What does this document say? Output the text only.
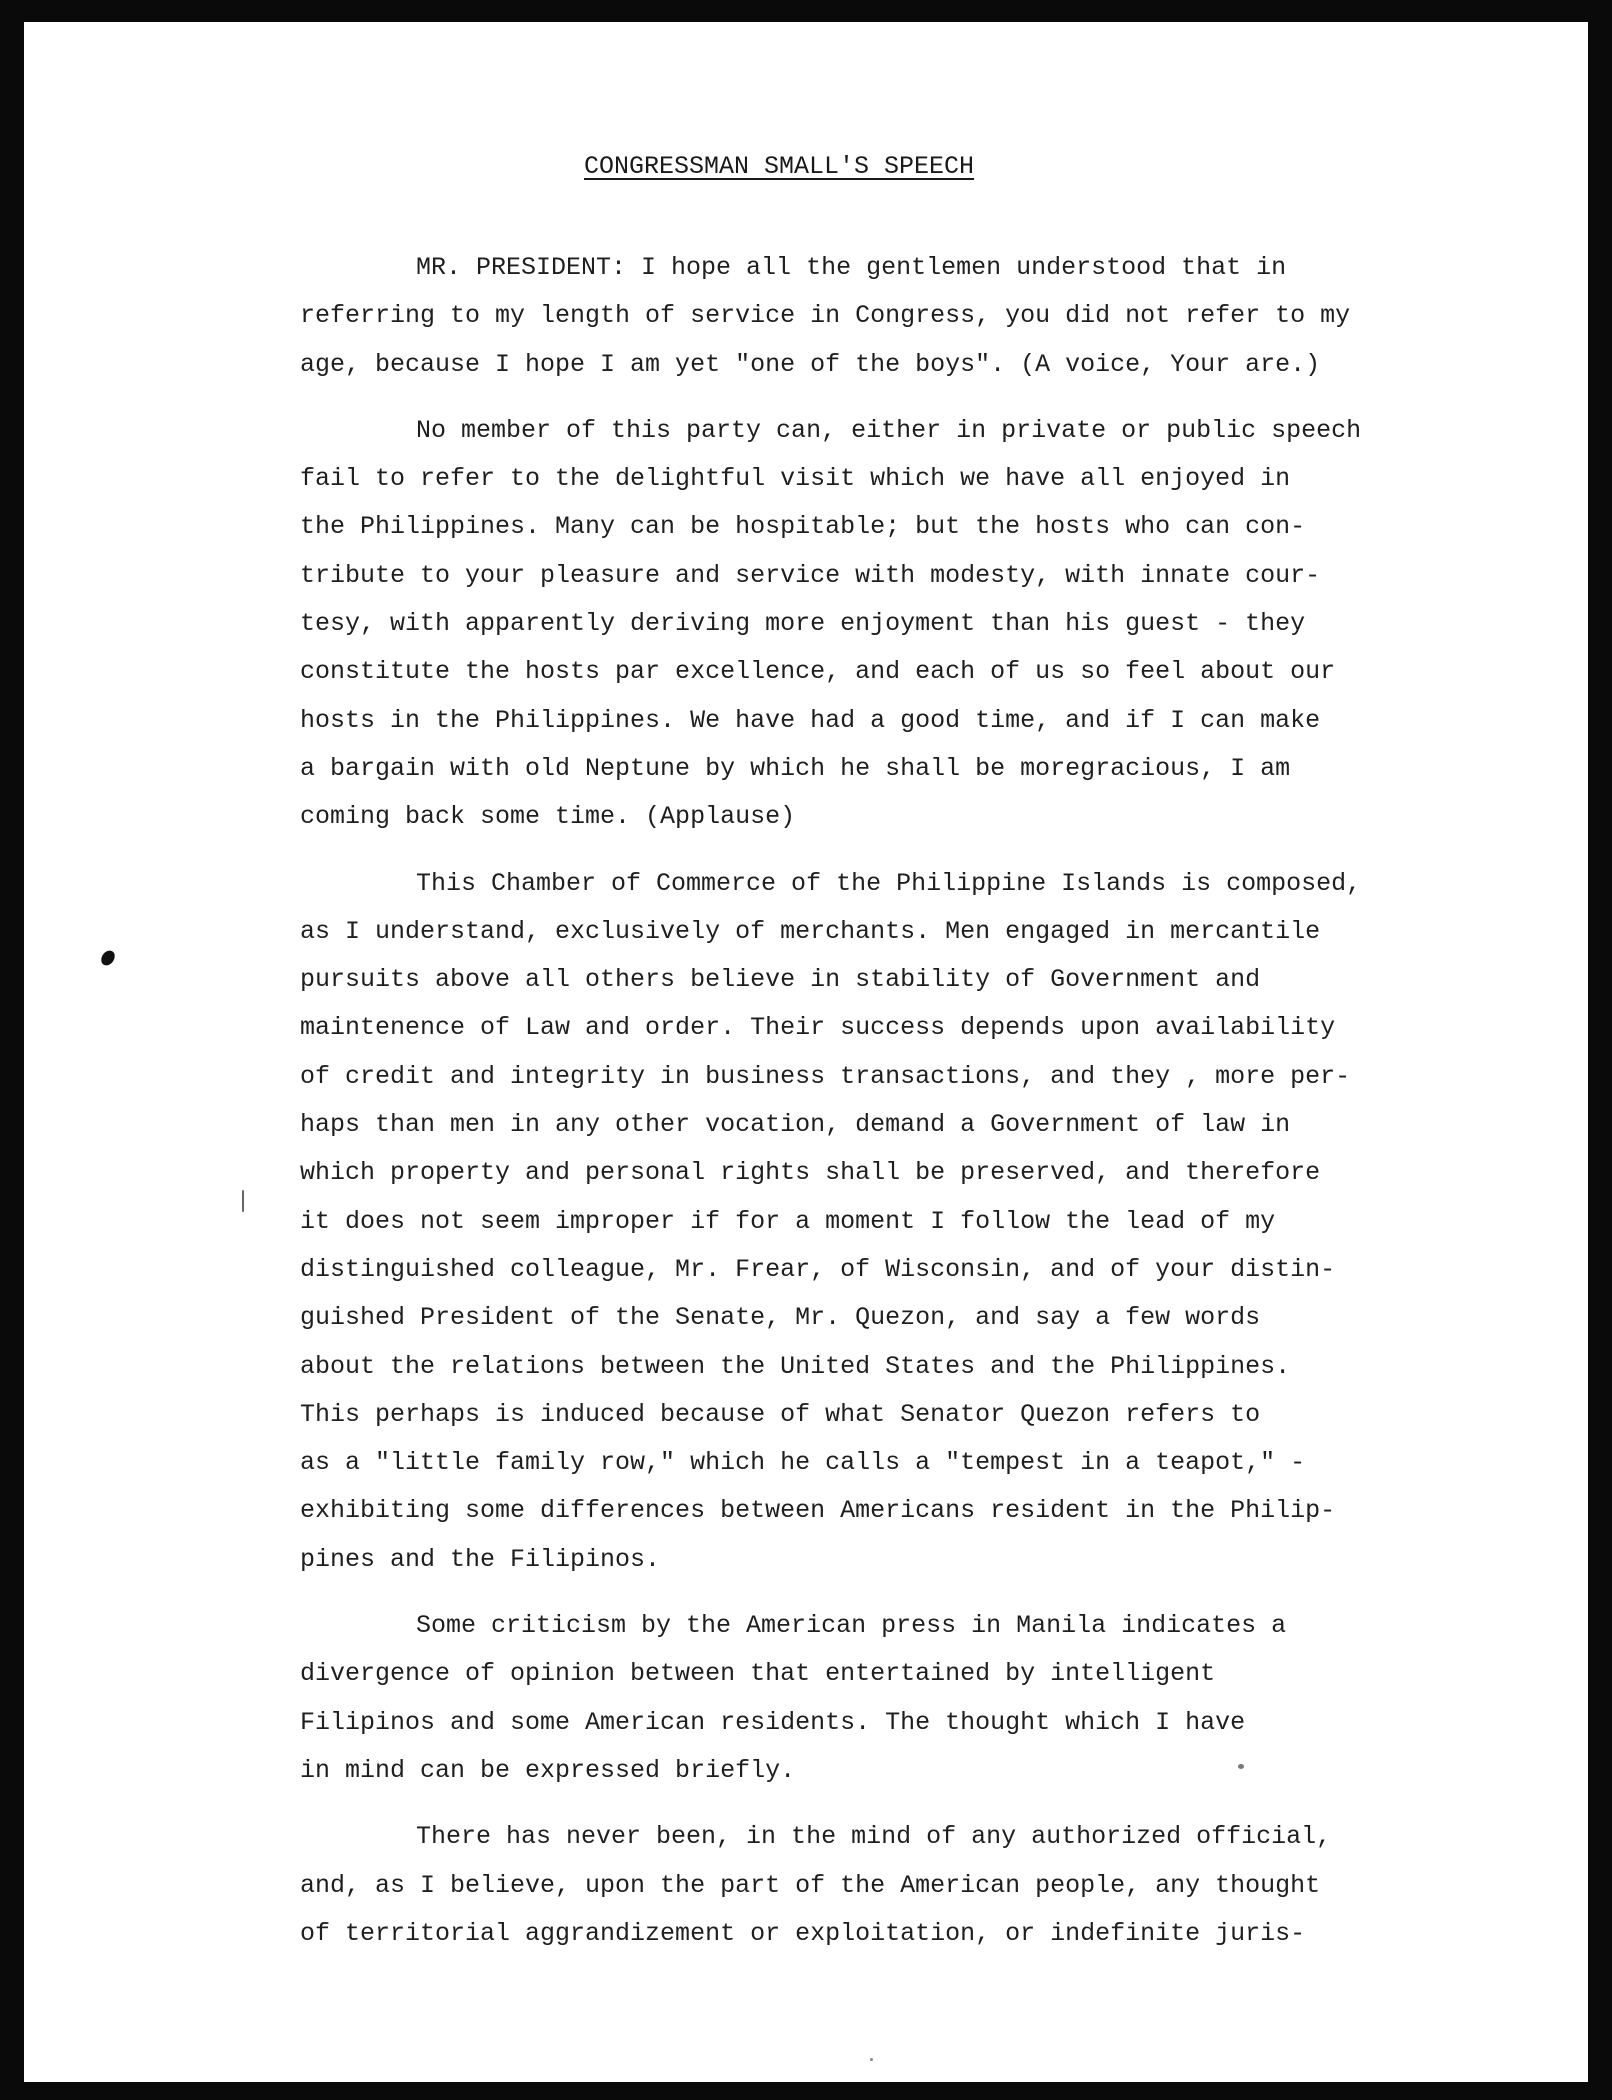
CONGRESSMAN SMALL'S SPEECH
MR. PRESIDENT: I hope all the gentlemen understood that in
referring to my length of service in Congress, you did not refer to my
age, because I hope I am yet "one of the boys". (A voice, Your are.)
No member of this party can, either in private or public speech
fail to refer to the delightful visit which we have all enjoyed in
the Philippines. Many can be hospitable; but the hosts who can con-
tribute to your pleasure and service with modesty, with innate cour-
tesy, with apparently deriving more enjoyment than his guest - they
constitute the hosts par excellence, and each of us so feel about our
hosts in the Philippines. We have had a good time, and if I can make
a bargain with old Neptune by which he shall be moregracious, I am
coming back some time. (Applause)
This Chamber of Commerce of the Philippine Islands is composed,
as I understand, exclusively of merchants. Men engaged in mercantile
pursuits above all others believe in stability of Government and
maintenence of Law and order. Their success depends upon availability
of credit and integrity in business transactions, and they , more per-
haps than men in any other vocation, demand a Government of law in
which property and personal rights shall be preserved, and therefore
it does not seem improper if for a moment I follow the lead of my
distinguished colleague, Mr. Frear, of Wisconsin, and of your distin-
guished President of the Senate, Mr. Quezon, and say a few words
about the relations between the United States and the Philippines.
This perhaps is induced because of what Senator Quezon refers to
as a "little family row," which he calls a "tempest in a teapot," -
exhibiting some differences between Americans resident in the Philip-
pines and the Filipinos.
Some criticism by the American press in Manila indicates a
divergence of opinion between that entertained by intelligent
Filipinos and some American residents. The thought which I have
in mind can be expressed briefly.
There has never been, in the mind of any authorized official,
and, as I believe, upon the part of the American people, any thought
of territorial aggrandizement or exploitation, or indefinite juris-
